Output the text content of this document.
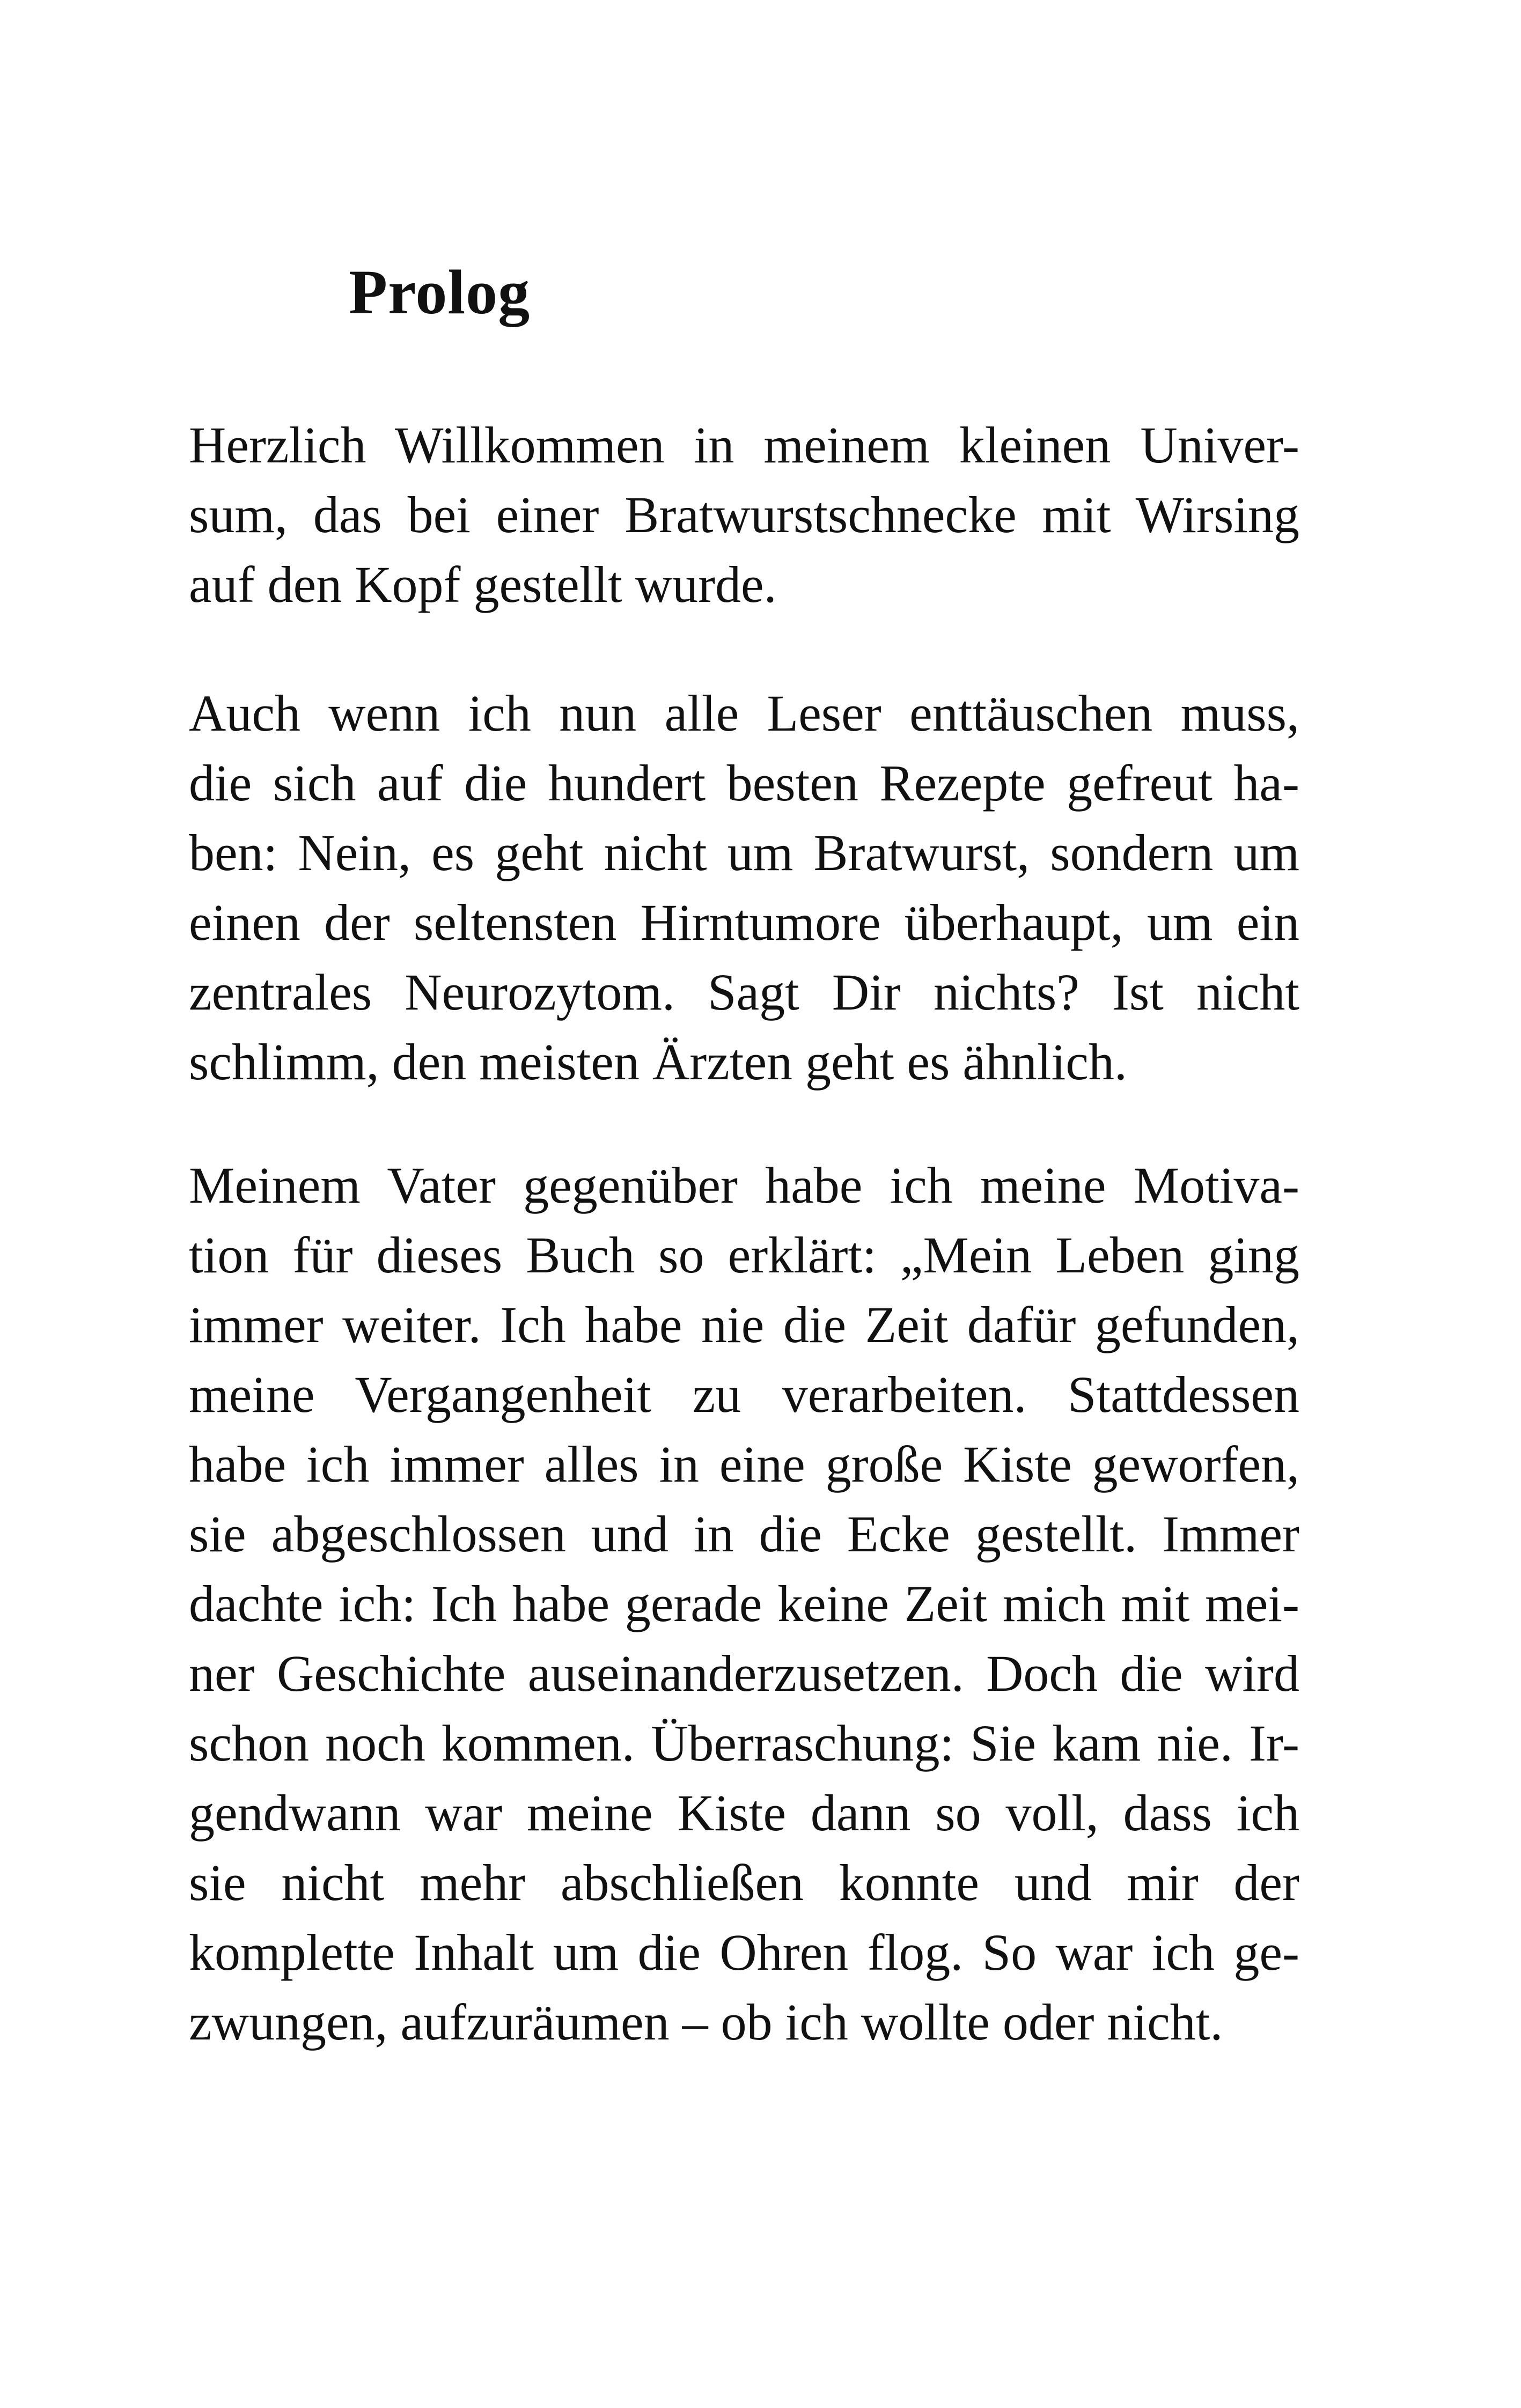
Prolog
Herzlich Willkommen in meinem kleinen Univer-
sum, das bei einer Bratwurstschnecke mit Wirsing
auf den Kopf gestellt wurde.
Auch wenn ich nun alle Leser enttäuschen muss,
die sich auf die hundert besten Rezepte gefreut ha-
ben: Nein, es geht nicht um Bratwurst, sondern um
einen der seltensten Hirntumore überhaupt, um ein
zentrales Neurozytom. Sagt Dir nichts? Ist nicht
schlimm, den meisten Ärzten geht es ähnlich.
Meinem Vater gegenüber habe ich meine Motiva-
tion für dieses Buch so erklärt: „Mein Leben ging
immer weiter. Ich habe nie die Zeit dafür gefunden,
meine Vergangenheit zu verarbeiten. Stattdessen
habe ich immer alles in eine große Kiste geworfen,
sie abgeschlossen und in die Ecke gestellt. Immer
dachte ich: Ich habe gerade keine Zeit mich mit mei-
ner Geschichte auseinanderzusetzen. Doch die wird
schon noch kommen. Überraschung: Sie kam nie. Ir-
gendwann war meine Kiste dann so voll, dass ich
sie nicht mehr abschließen konnte und mir der
komplette Inhalt um die Ohren flog. So war ich ge-
zwungen, aufzuräumen – ob ich wollte oder nicht.
